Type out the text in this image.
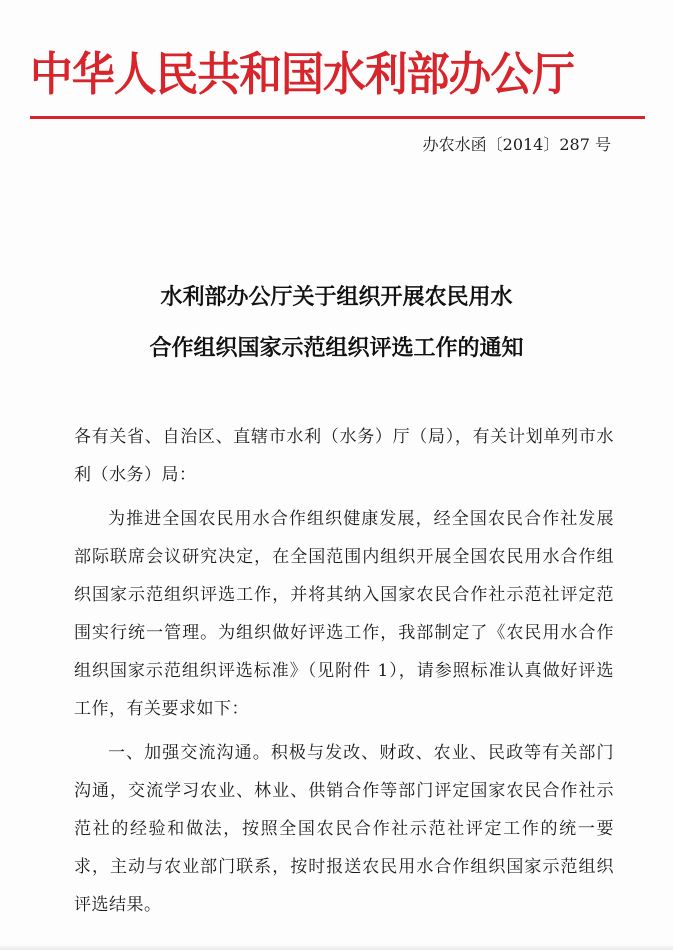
中华人民共和国水利部办公厅
办农水函〔2014〕287 号
水利部办公厅关于组织开展农民用水
合作组织国家示范组织评选工作的通知

各有关省、自治区、直辖市水利（水务）厅（局），有关计划单列市水利（水务）局：

为推进全国农民用水合作组织健康发展，经全国农民合作社发展部际联席会议研究决定，在全国范围内组织开展全国农民用水合作组织国家示范组织评选工作，并将其纳入国家农民合作社示范社评定范围实行统一管理。为组织做好评选工作，我部制定了《农民用水合作组织国家示范组织评选标准》（见附件 1），请参照标准认真做好评选工作，有关要求如下：

一、加强交流沟通。积极与发改、财政、农业、民政等有关部门沟通，交流学习农业、林业、供销合作等部门评定国家农民合作社示范社的经验和做法，按照全国农民合作社示范社评定工作的统一要求，主动与农业部门联系，按时报送农民用水合作组织国家示范组织评选结果。
